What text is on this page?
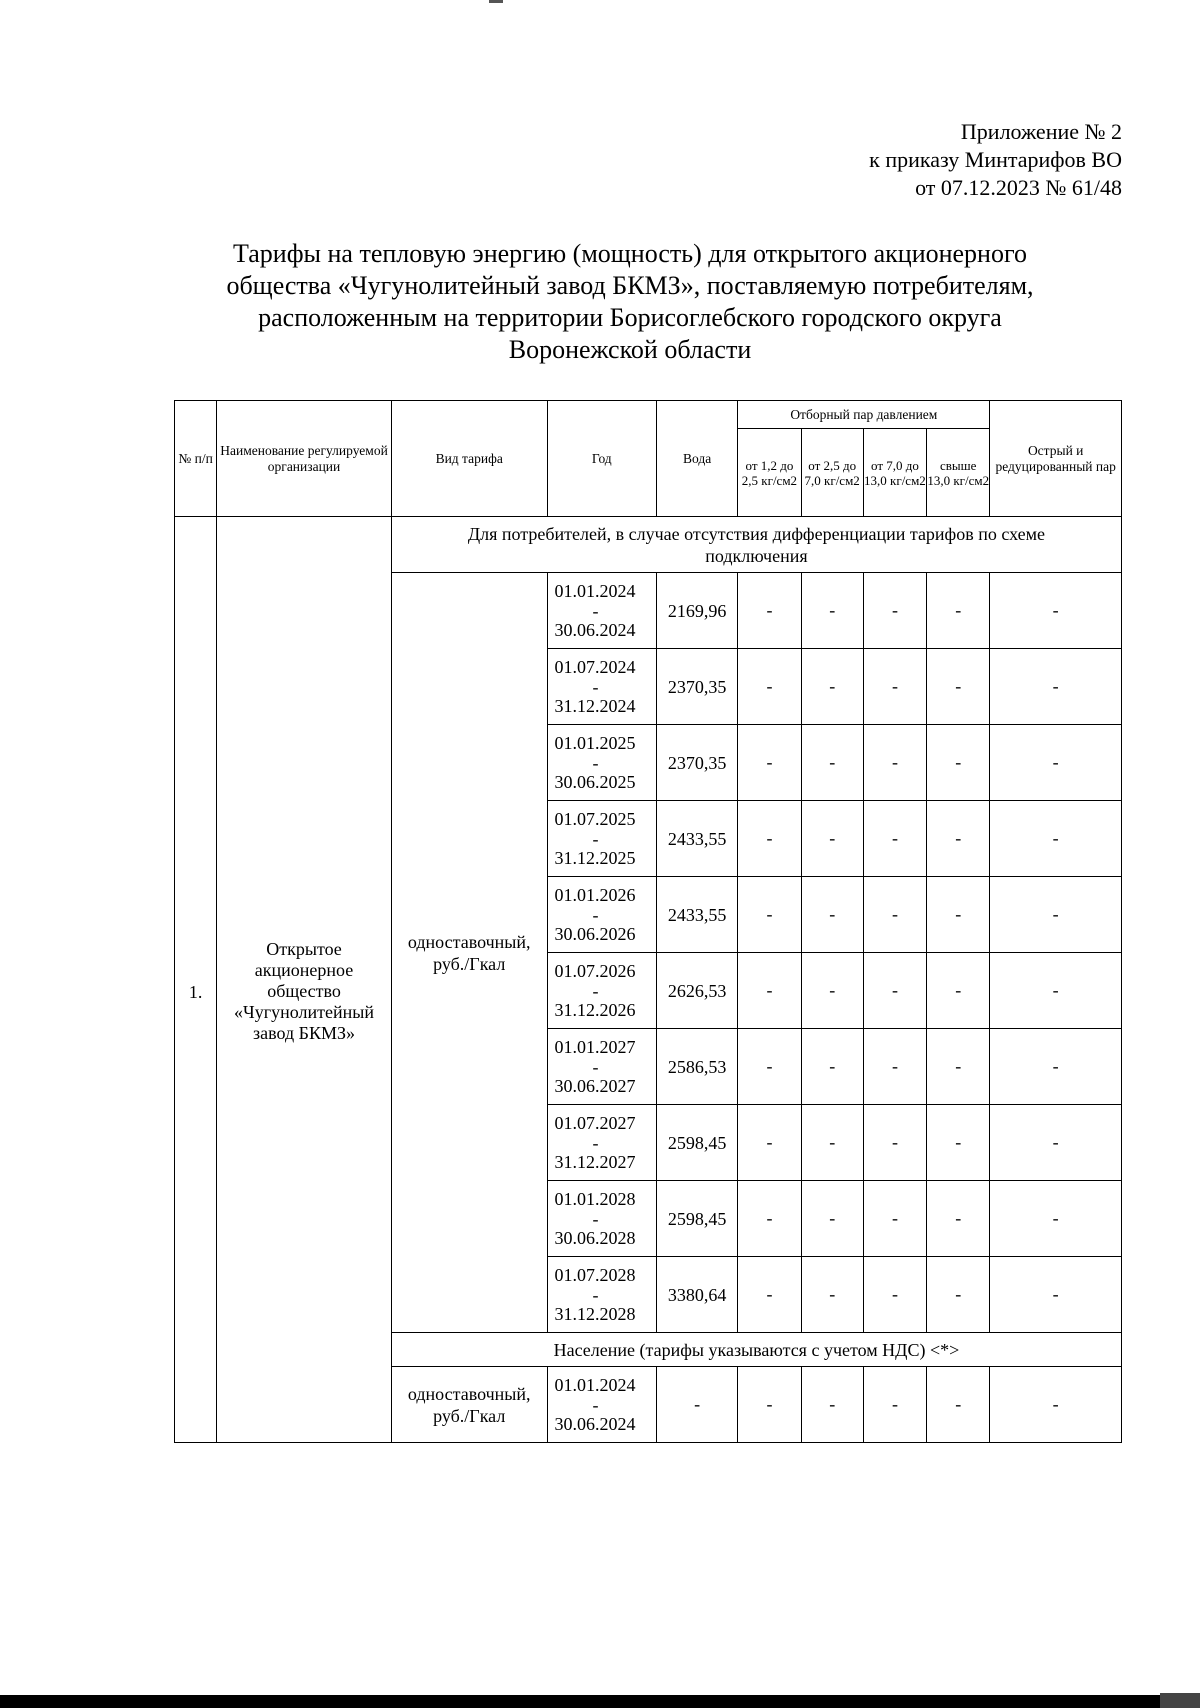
Приложение № 2
к приказу Минтарифов ВО
от 07.12.2023 № 61/48
Тарифы на тепловую энергию (мощность) для открытого акционерного
общества «Чугунолитейный завод БКМЗ», поставляемую потребителям,
расположенным на территории Борисоглебского городского округа
Воронежской области
№ п/п	Наименование регулируемой организации	Вид тарифа	Год	Вода	Отборный пар давлением				Острый и редуцированный пар
					от 1,2 до 2,5 кг/см2	от 2,5 до 7,0 кг/см2	от 7,0 до 13,0 кг/см2	свыше 13,0 кг/см2	
1.	Открытое акционерное общество «Чугунолитейный завод БКМЗ»	Для потребителей, в случае отсутствия дифференциации тарифов по схеме подключения							
		одноставочный, руб./Гкал	01.01.2024
-
30.06.2024	2169,96	-	-	-	-	-

			01.07.2024
-
31.12.2024	2370,35	-	-	-	-	-

			01.01.2025
-
30.06.2025	2370,35	-	-	-	-	-

			01.07.2025
-
31.12.2025	2433,55	-	-	-	-	-

			01.01.2026
-
30.06.2026	2433,55	-	-	-	-	-

			01.07.2026
-
31.12.2026	2626,53	-	-	-	-	-

			01.01.2027
-
30.06.2027	2586,53	-	-	-	-	-

			01.07.2027
-
31.12.2027	2598,45	-	-	-	-	-

			01.01.2028
-
30.06.2028	2598,45	-	-	-	-	-

			01.07.2028
-
31.12.2028	3380,64	-	-	-	-	-
		Население (тарифы указываются с учетом НДС) <*>							
		одноставочный, руб./Гкал	01.01.2024
-
30.06.2024	-	-	-	-	-	-
